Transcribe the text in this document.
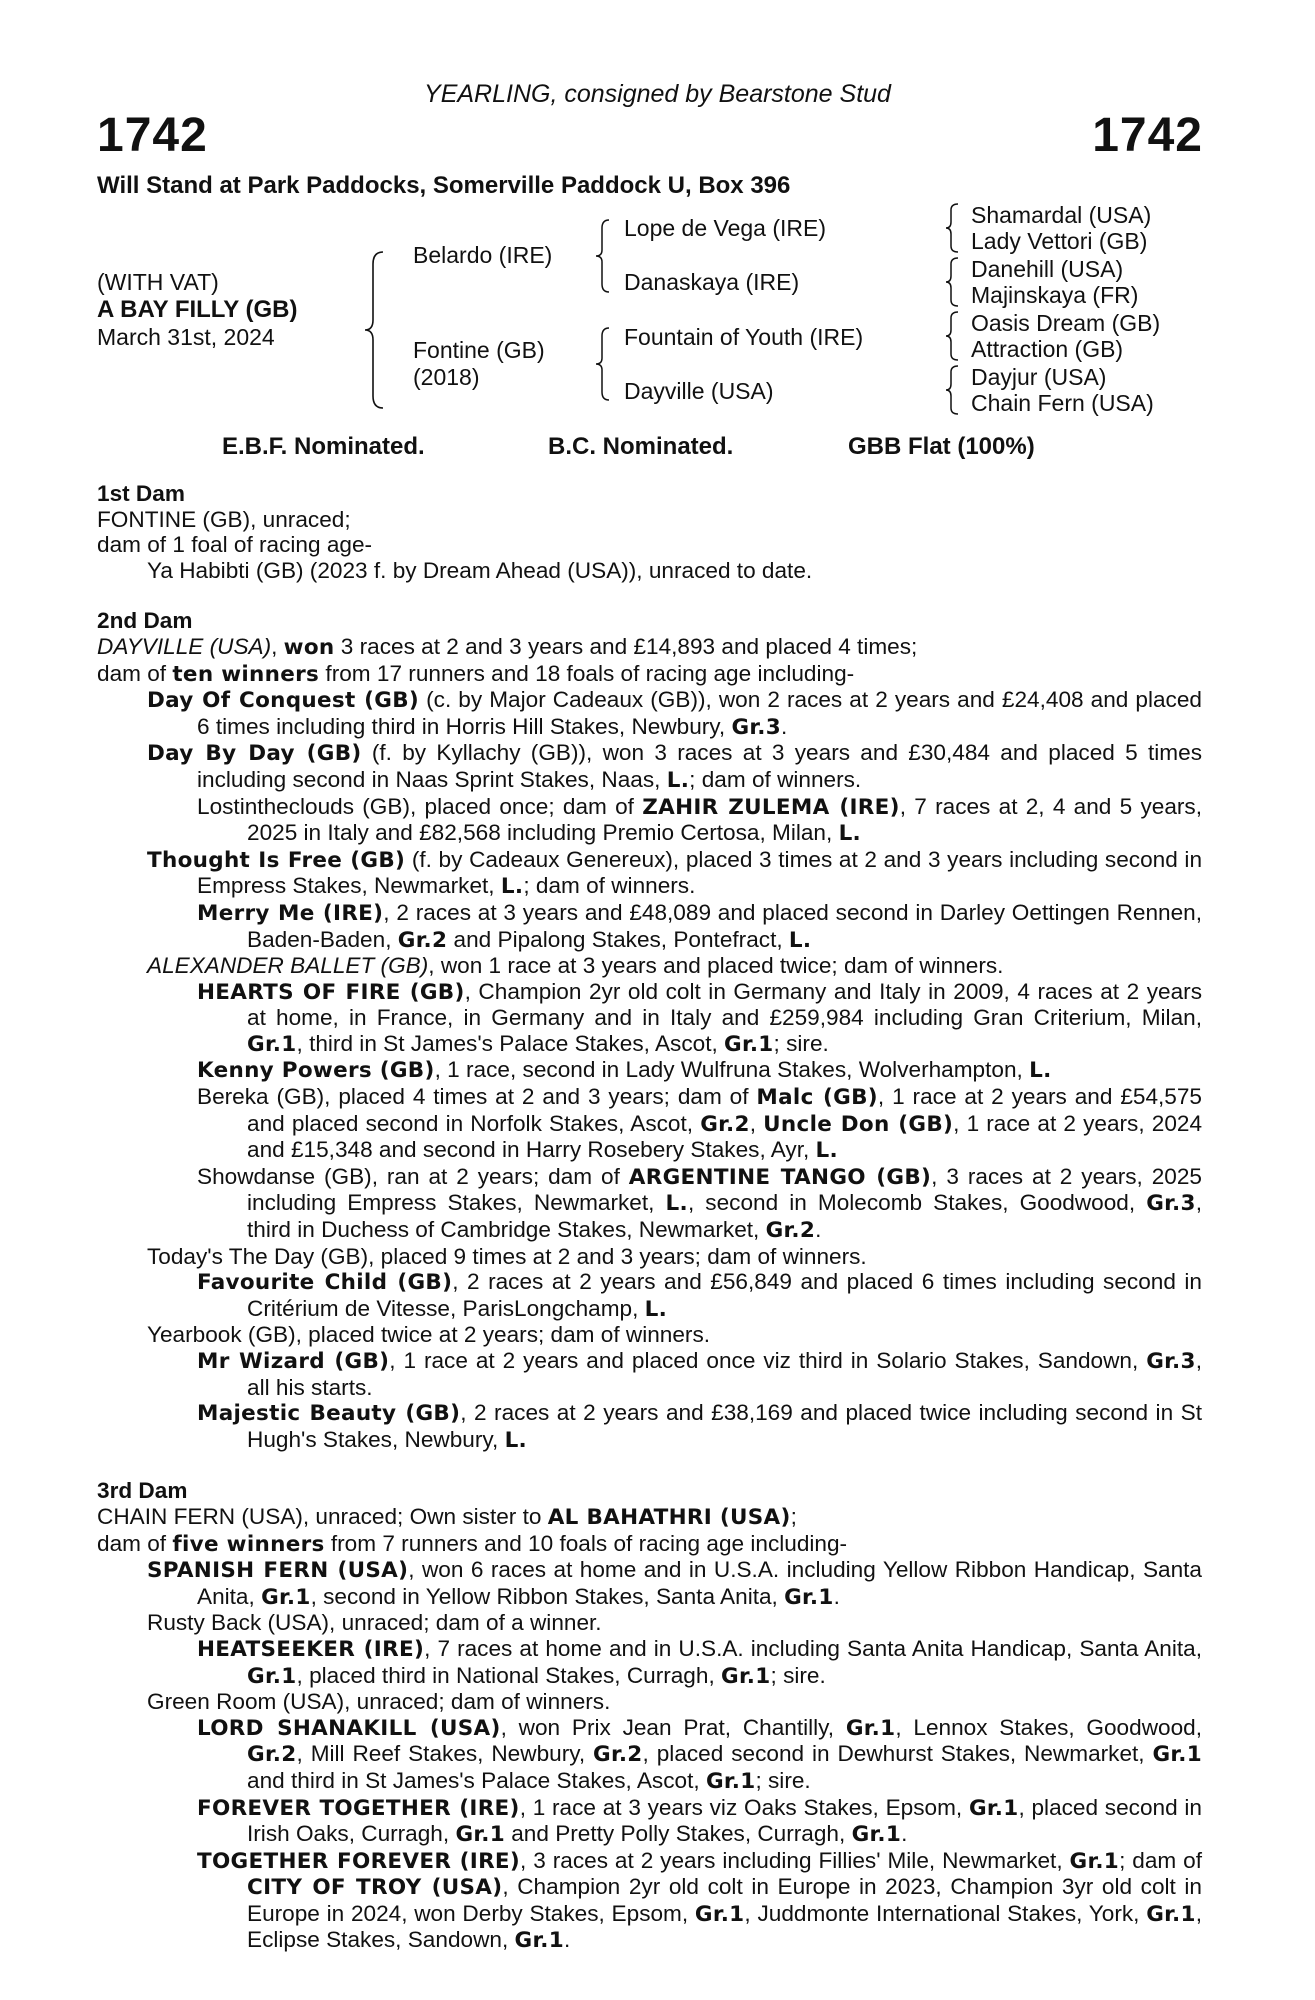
YEARLING, consigned by Bearstone Stud
1742	1742
Will Stand at Park Paddocks, Somerville Paddock U, Box 396
(WITH VAT)
A BAY FILLY (GB)
March 31st, 2024
Belardo (IRE)
Fontine (GB)
(2018)
Lope de Vega (IRE)
Danaskaya (IRE)
Fountain of Youth (IRE)
Dayville (USA)
Shamardal (USA)
Lady Vettori (GB)
Danehill (USA)
Majinskaya (FR)
Oasis Dream (GB)
Attraction (GB)
Dayjur (USA)
Chain Fern (USA)
E.B.F. Nominated.	B.C. Nominated.	GBB Flat (100%)

1st Dam

FONTINE (GB), unraced;

dam of 1 foal of racing age-

Ya Habibti (GB) (2023 f. by Dream Ahead (USA)), unraced to date.

2nd Dam

DAYVILLE (USA), won 3 races at 2 and 3 years and £14,893 and placed 4 times;

dam of ten winners from 17 runners and 18 foals of racing age including-

Day Of Conquest (GB) (c. by Major Cadeaux (GB)), won 2 races at 2 years and £24,408 and placed 6 times including third in Horris Hill Stakes, Newbury, Gr.3.

Day By Day (GB) (f. by Kyllachy (GB)), won 3 races at 3 years and £30,484 and placed 5 times including second in Naas Sprint Stakes, Naas, L.; dam of winners.

Lostintheclouds (GB), placed once; dam of ZAHIR ZULEMA (IRE), 7 races at 2, 4 and 5 years, 2025 in Italy and £82,568 including Premio Certosa, Milan, L.

Thought Is Free (GB) (f. by Cadeaux Genereux), placed 3 times at 2 and 3 years including second in Empress Stakes, Newmarket, L.; dam of winners.

Merry Me (IRE), 2 races at 3 years and £48,089 and placed second in Darley Oettingen Rennen, Baden-Baden, Gr.2 and Pipalong Stakes, Pontefract, L.

ALEXANDER BALLET (GB), won 1 race at 3 years and placed twice; dam of winners.

HEARTS OF FIRE (GB), Champion 2yr old colt in Germany and Italy in 2009, 4 races at 2 years at home, in France, in Germany and in Italy and £259,984 including Gran Criterium, Milan, Gr.1, third in St James's Palace Stakes, Ascot, Gr.1; sire.

Kenny Powers (GB), 1 race, second in Lady Wulfruna Stakes, Wolverhampton, L.

Bereka (GB), placed 4 times at 2 and 3 years; dam of Malc (GB), 1 race at 2 years and £54,575 and placed second in Norfolk Stakes, Ascot, Gr.2, Uncle Don (GB), 1 race at 2 years, 2024 and £15,348 and second in Harry Rosebery Stakes, Ayr, L.

Showdanse (GB), ran at 2 years; dam of ARGENTINE TANGO (GB), 3 races at 2 years, 2025 including Empress Stakes, Newmarket, L., second in Molecomb Stakes, Goodwood, Gr.3, third in Duchess of Cambridge Stakes, Newmarket, Gr.2.

Today's The Day (GB), placed 9 times at 2 and 3 years; dam of winners.

Favourite Child (GB), 2 races at 2 years and £56,849 and placed 6 times including second in Critérium de Vitesse, ParisLongchamp, L.

Yearbook (GB), placed twice at 2 years; dam of winners.

Mr Wizard (GB), 1 race at 2 years and placed once viz third in Solario Stakes, Sandown, Gr.3, all his starts.

Majestic Beauty (GB), 2 races at 2 years and £38,169 and placed twice including second in St Hugh's Stakes, Newbury, L.

3rd Dam

CHAIN FERN (USA), unraced; Own sister to AL BAHATHRI (USA);

dam of five winners from 7 runners and 10 foals of racing age including-

SPANISH FERN (USA), won 6 races at home and in U.S.A. including Yellow Ribbon Handicap, Santa Anita, Gr.1, second in Yellow Ribbon Stakes, Santa Anita, Gr.1.

Rusty Back (USA), unraced; dam of a winner.

HEATSEEKER (IRE), 7 races at home and in U.S.A. including Santa Anita Handicap, Santa Anita, Gr.1, placed third in National Stakes, Curragh, Gr.1; sire.

Green Room (USA), unraced; dam of winners.

LORD SHANAKILL (USA), won Prix Jean Prat, Chantilly, Gr.1, Lennox Stakes, Goodwood, Gr.2, Mill Reef Stakes, Newbury, Gr.2, placed second in Dewhurst Stakes, Newmarket, Gr.1 and third in St James's Palace Stakes, Ascot, Gr.1; sire.

FOREVER TOGETHER (IRE), 1 race at 3 years viz Oaks Stakes, Epsom, Gr.1, placed second in Irish Oaks, Curragh, Gr.1 and Pretty Polly Stakes, Curragh, Gr.1.

TOGETHER FOREVER (IRE), 3 races at 2 years including Fillies' Mile, Newmarket, Gr.1; dam of CITY OF TROY (USA), Champion 2yr old colt in Europe in 2023, Champion 3yr old colt in Europe in 2024, won Derby Stakes, Epsom, Gr.1, Juddmonte International Stakes, York, Gr.1, Eclipse Stakes, Sandown, Gr.1.
